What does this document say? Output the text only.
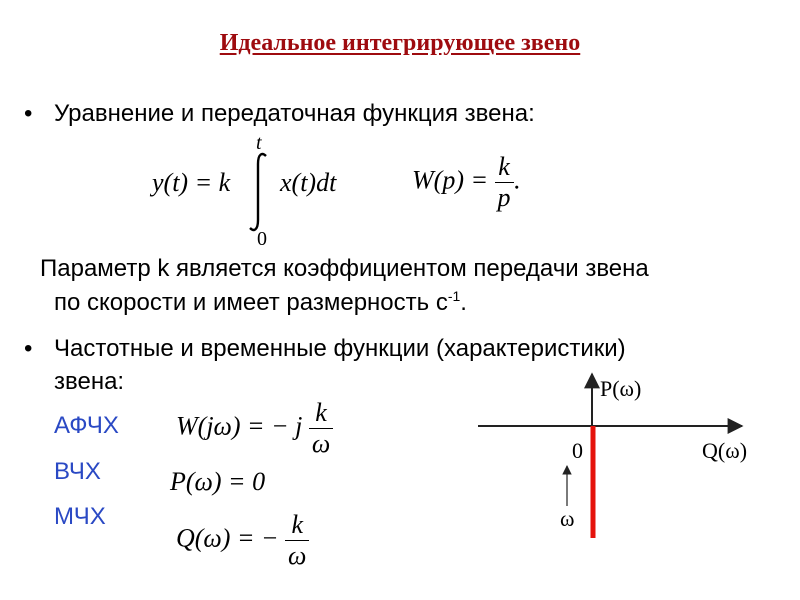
Идеальное интегрирующее звено
• Уравнение и передаточная функция звена:
y(t) = k
t
0
x(t)dt	$W(p) = \frac{k}{p}$ .
Параметр k является коэффициентом передачи звена
по скорости и имеет размерность $с^{-1}$.
• Частотные и временные функции (характеристики)
звена:
АФЧХ
ВЧХ
МЧХ
W(jω) = − j $\frac{k}{\omega}$
P(ω) = 0
Q(ω) = − $\frac{k}{\omega}$
P(ω)
Q(ω)
0
ω
